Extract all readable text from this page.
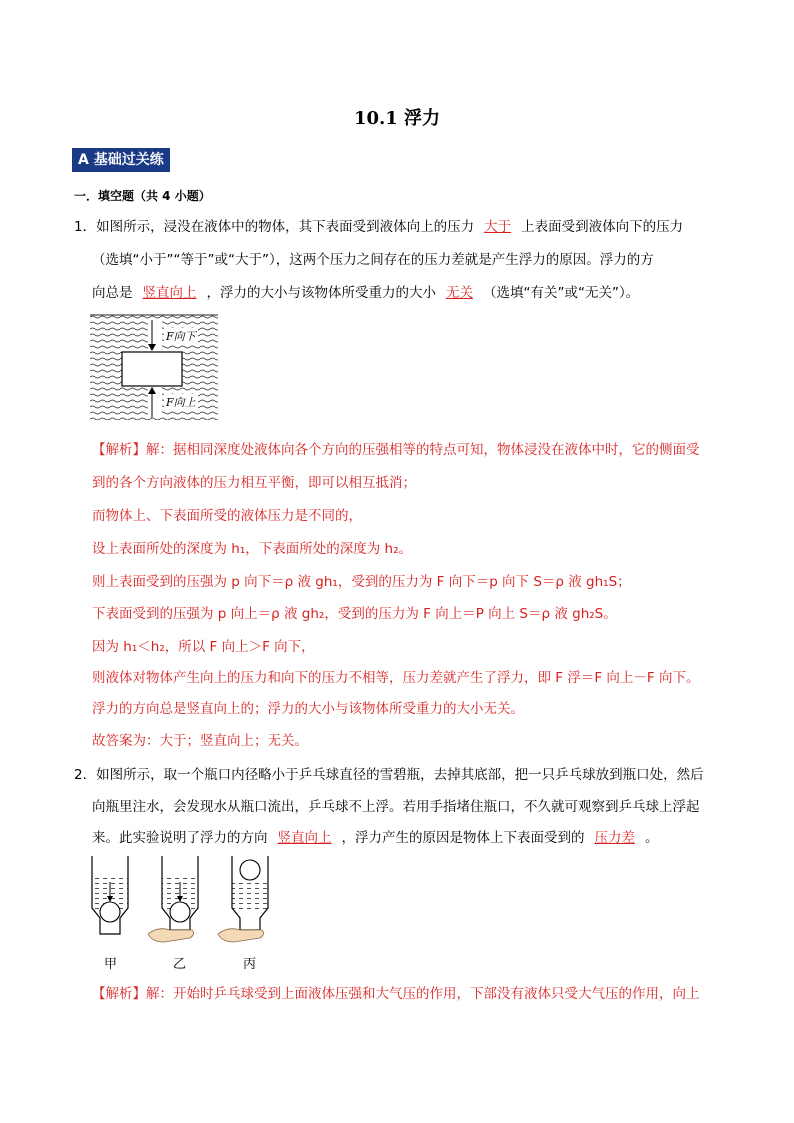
10.1 浮力
A 基础过关练
一．填空题（共 4 小题）
1．如图所示，浸没在液体中的物体，其下表面受到液体向上的压力 大于 上表面受到液体向下的压力
（选填“小于”“等于”或“大于”），这两个压力之间存在的压力差就是产生浮力的原因。浮力的方
向总是 竖直向上 ，浮力的大小与该物体所受重力的大小 无关 （选填“有关”或“无关”）。
F向下
F向上
【解析】解：据相同深度处液体向各个方向的压强相等的特点可知，物体浸没在液体中时，它的侧面受
到的各个方向液体的压力相互平衡，即可以相互抵消；
而物体上、下表面所受的液体压力是不同的，
设上表面所处的深度为 h₁，下表面所处的深度为 h₂。
则上表面受到的压强为 p 向下＝ρ 液 gh₁，受到的压力为 F 向下＝p 向下 S＝ρ 液 gh₁S；
下表面受到的压强为 p 向上＝ρ 液 gh₂，受到的压力为 F 向上＝P 向上 S＝ρ 液 gh₂S。
因为 h₁＜h₂，所以 F 向上＞F 向下，
则液体对物体产生向上的压力和向下的压力不相等，压力差就产生了浮力，即 F 浮＝F 向上－F 向下。
浮力的方向总是竖直向上的；浮力的大小与该物体所受重力的大小无关。
故答案为：大于；竖直向上；无关。
2．如图所示，取一个瓶口内径略小于乒乓球直径的雪碧瓶，去掉其底部，把一只乒乓球放到瓶口处，然后
向瓶里注水，会发现水从瓶口流出，乒乓球不上浮。若用手指堵住瓶口，不久就可观察到乒乓球上浮起
来。此实验说明了浮力的方向 竖直向上 ，浮力产生的原因是物体上下表面受到的 压力差 。
甲	乙	丙
【解析】解：开始时乒乓球受到上面液体压强和大气压的作用，下部没有液体只受大气压的作用，向上
